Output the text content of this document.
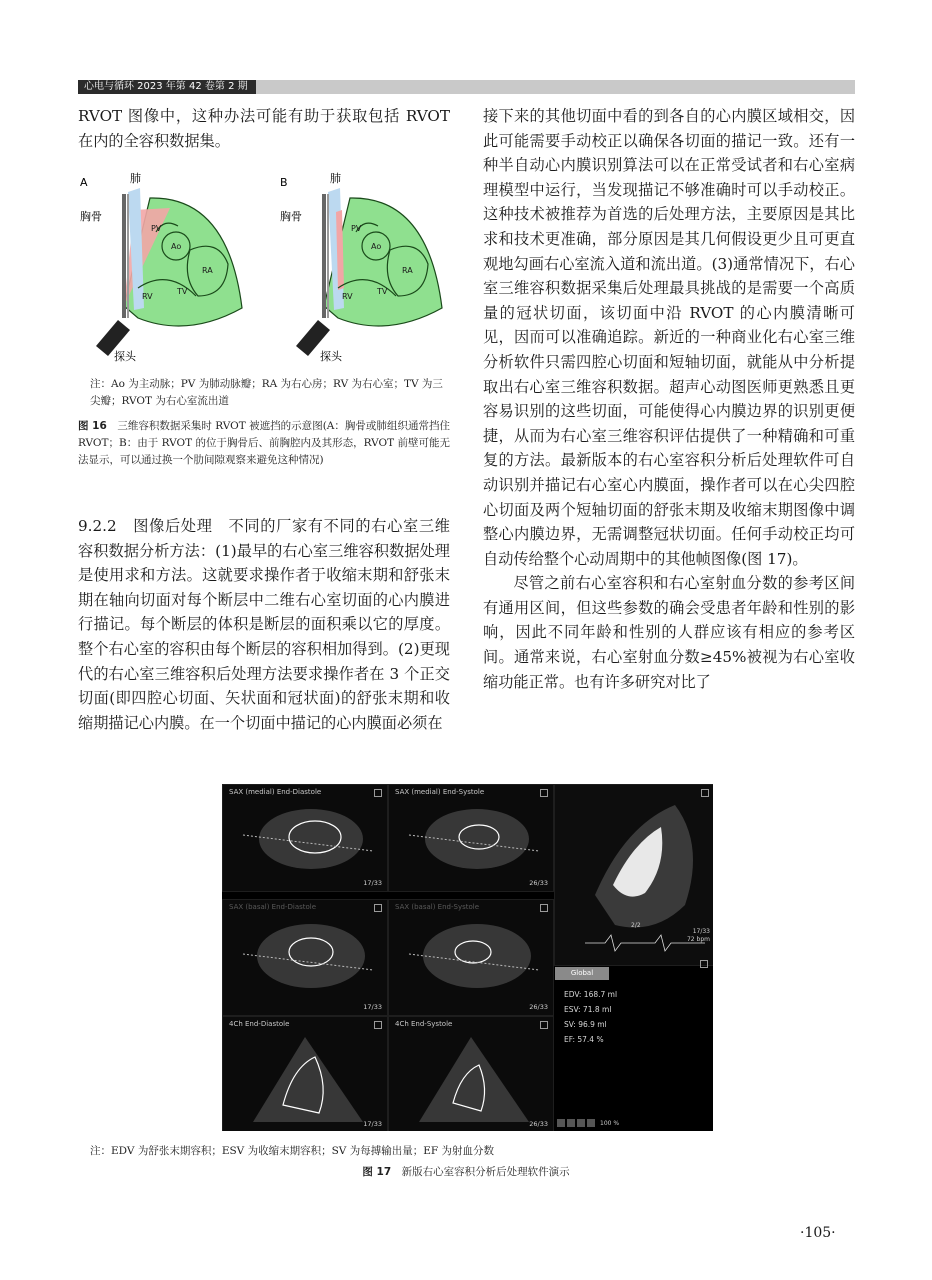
心电与循环 2023 年第 42 卷第 2 期

RVOT 图像中，这种办法可能有助于获取包括 RVOT 在内的全容积数据集。

A	肺
胸骨
PV
Ao
RA
RV
TV
探头
B	肺
胸骨
PV
Ao
RA
RV
TV
探头
注：Ao 为主动脉；PV 为肺动脉瓣；RA 为右心房；RV 为右心室；TV 为三尖瓣；RVOT 为右心室流出道
图 16　三维容积数据采集时 RVOT 被遮挡的示意图(A：胸骨或肺组织通常挡住 RVOT；B：由于 RVOT 的位于胸骨后、前胸腔内及其形态，RVOT 前壁可能无法显示，可以通过换一个肋间隙观察来避免这种情况)

9.2.2　图像后处理　不同的厂家有不同的右心室三维容积数据分析方法：(1)最早的右心室三维容积数据处理是使用求和方法。这就要求操作者于收缩末期和舒张末期在轴向切面对每个断层中二维右心室切面的心内膜进行描记。每个断层的体积是断层的面积乘以它的厚度。整个右心室的容积由每个断层的容积相加得到。(2)更现代的右心室三维容积后处理方法要求操作者在 3 个正交切面(即四腔心切面、矢状面和冠状面)的舒张末期和收缩期描记心内膜。在一个切面中描记的心内膜面必须在

接下来的其他切面中看的到各自的心内膜区域相交，因此可能需要手动校正以确保各切面的描记一致。还有一种半自动心内膜识别算法可以在正常受试者和右心室病理模型中运行，当发现描记不够准确时可以手动校正。这种技术被推荐为首选的后处理方法，主要原因是其比求和技术更准确，部分原因是其几何假设更少且可更直观地勾画右心室流入道和流出道。(3)通常情况下，右心室三维容积数据采集后处理最具挑战的是需要一个高质量的冠状切面，该切面中沿 RVOT 的心内膜清晰可见，因而可以准确追踪。新近的一种商业化右心室三维分析软件只需四腔心切面和短轴切面，就能从中分析提取出右心室三维容积数据。超声心动图医师更熟悉且更容易识别的这些切面，可能使得心内膜边界的识别更便捷，从而为右心室三维容积评估提供了一种精确和可重复的方法。最新版本的右心室容积分析后处理软件可自动识别并描记右心室心内膜面，操作者可以在心尖四腔心切面及两个短轴切面的舒张末期及收缩末期图像中调整心内膜边界，无需调整冠状切面。任何手动校正均可自动传给整个心动周期中的其他帧图像(图 17)。

尽管之前右心室容积和右心室射血分数的参考区间有通用区间，但这些参数的确会受患者年龄和性别的影响，因此不同年龄和性别的人群应该有相应的参考区间。通常来说，右心室射血分数≥45%被视为右心室收缩功能正常。也有许多研究对比了

SAX (medial) End-Diastole
17/33
SAX (medial) End-Systole
26/33
SAX (basal) End-Diastole
17/33
SAX (basal) End-Systole
26/33
4Ch End-Diastole
17/33
4Ch End-Systole
26/33
2/2
17/33
72 bpm
Global
EDV: 168.7 ml
ESV: 71.8 ml
SV: 96.9 ml
EF: 57.4 %
100 %
注：EDV 为舒张末期容积；ESV 为收缩末期容积；SV 为每搏输出量；EF 为射血分数
图 17　新版右心室容积分析后处理软件演示
·105·
